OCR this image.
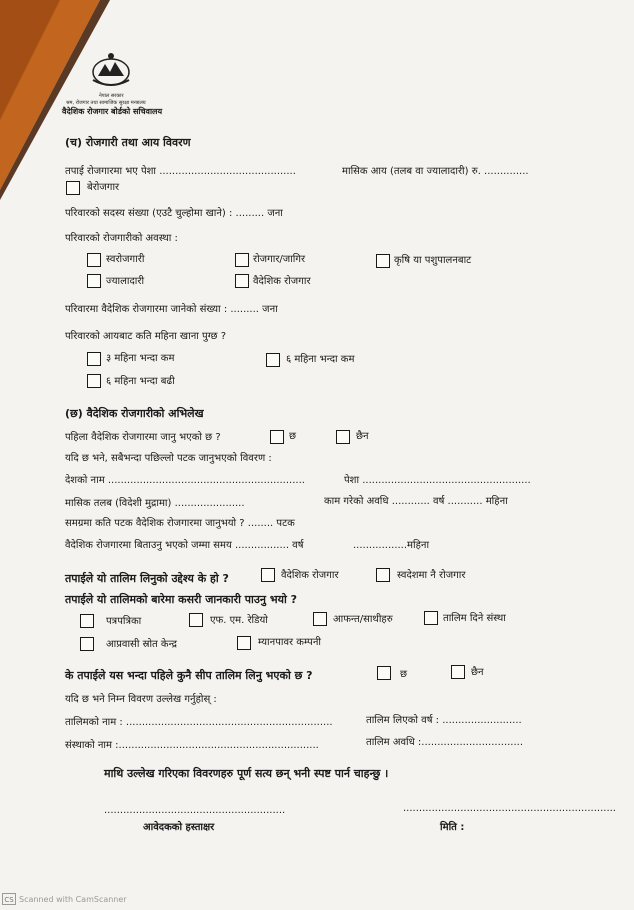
नेपाल सरकार
श्रम, रोजगार तथा सामाजिक सुरक्षा मन्त्रालय
वैदेशिक रोजगार बोर्डको सचिवालय
(च) रोजगारी तथा आय विवरण
तपाई रोजगारमा भए पेशा ...........................................	मासिक आय (तलब वा ज्यालादारी) रु. ..............
बेरोजगार
परिवारको सदस्य संख्या (एउटै चुल्होमा खाने) : ......... जना
परिवारको रोजगारीको अवस्था :
स्वरोजगारी	रोजगार/जागिर	कृषि या पशुपालनबाट
ज्यालादारी	वैदेशिक रोजगार
परिवारमा वैदेशिक रोजगारमा जानेको संख्या : ......... जना
परिवारको आयबाट कति महिना खाना पुग्छ ?
३ महिना भन्दा कम	६ महिना भन्दा कम
६ महिना भन्दा बढी
(छ) वैदेशिक रोजगारीको अभिलेख
पहिला वैदेशिक रोजगारमा जानु भएको छ ?	छ	छैन
यदि छ भने, सबैभन्दा पछिल्लो पटक जानुभएको विवरण :
देशको नाम ..............................................................	पेशा .....................................................
मासिक तलब (विदेशी मुद्रामा) ......................	काम गरेको अवधि ............ वर्ष ........... महिना
समग्रमा कति पटक वैदेशिक रोजगारमा जानुभयो ? ........ पटक
वैदेशिक रोजगारमा बिताउनु भएको जम्मा समय ................. वर्ष	.................महिना
तपाईले यो तालिम लिनुको उद्देश्य के हो ?	वैदेशिक रोजगार	स्वदेशमा नै रोजगार
तपाईले यो तालिमको बारेमा कसरी जानकारी पाउनु भयो ?
पत्रपत्रिका	एफ. एम. रेडियो	आफन्त/साथीहरु	तालिम दिने संस्था
आप्रवासी स्रोत केन्द्र	म्यानपावर कम्पनी
के तपाईले यस भन्दा पहिले कुनै सीप तालिम लिनु भएको छ ?	छ	छैन
यदि छ भने निम्न विवरण उल्लेख गर्नुहोस् :
तालिमको नाम : .................................................................	तालिम लिएको वर्ष : .........................
संस्थाको नाम :...............................................................	तालिम अवधि :................................
माथि उल्लेख गरिएका विवरणहरु पूर्ण सत्य छन् भनी स्पष्ट पार्न चाहन्छु ।
.........................................................	...................................................................
आवेदकको हस्ताक्षर	मिति :
CS Scanned with CamScanner
